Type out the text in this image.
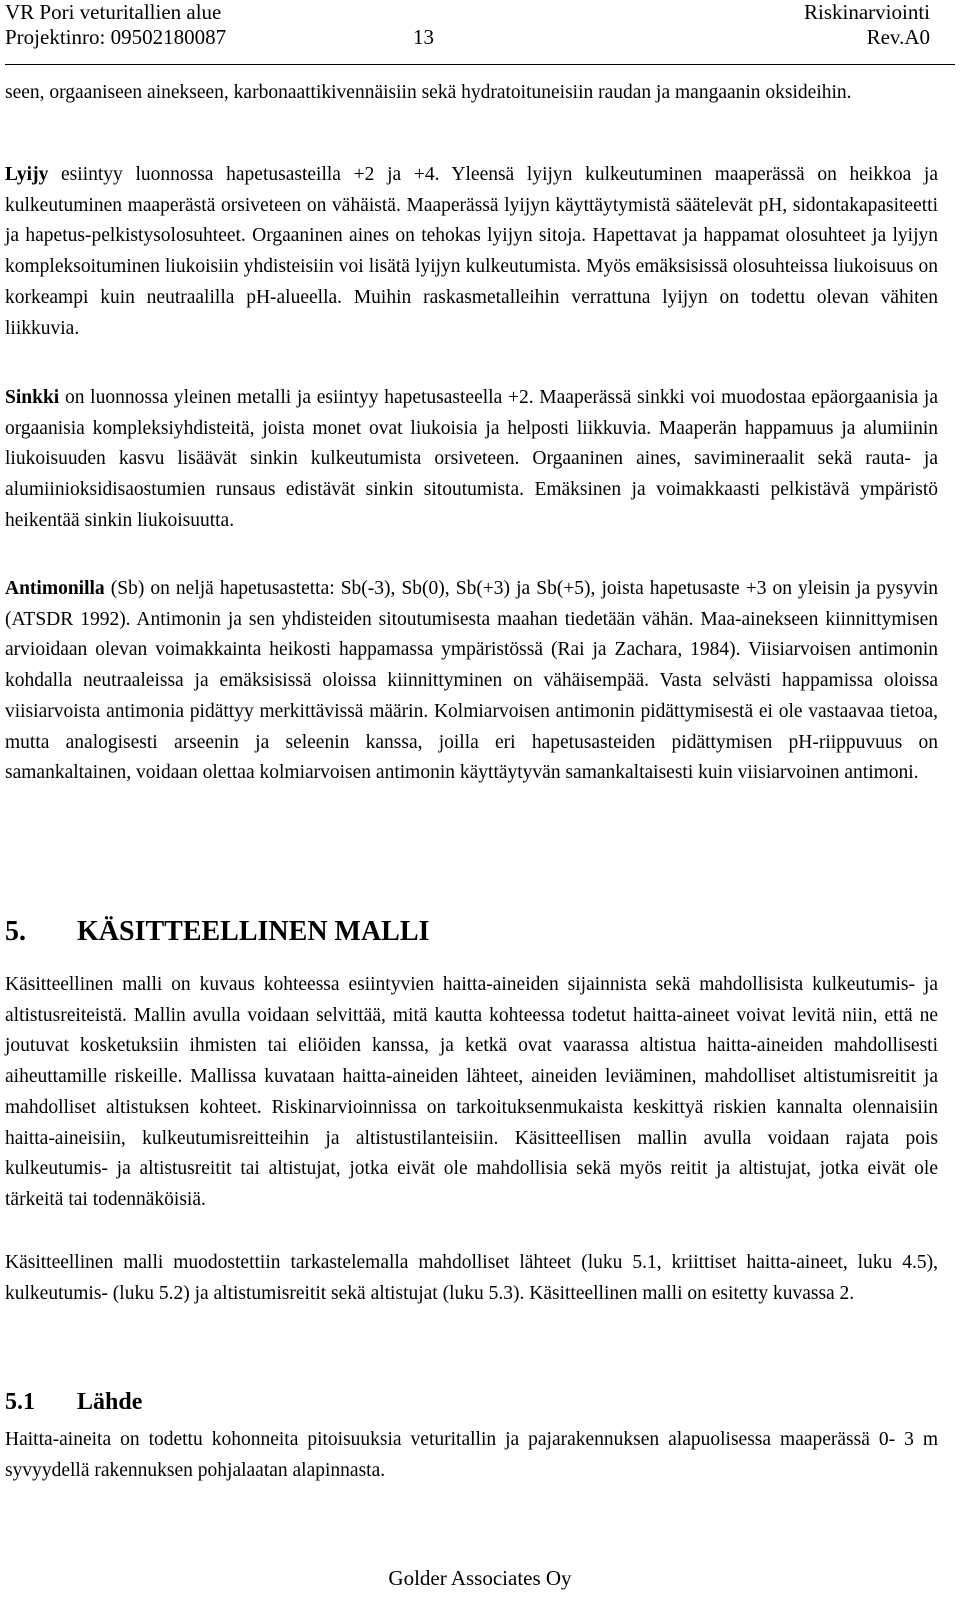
VR Pori veturitallien alue	Riskinarviointi
Projektinro: 09502180087	13	Rev.A0

seen, orgaaniseen ainekseen, karbonaattikivennäisiin sekä hydratoituneisiin raudan ja mangaanin oksideihin.

Lyijy esiintyy luonnossa hapetusasteilla +2 ja +4. Yleensä lyijyn kulkeutuminen maaperässä on heikkoa ja kulkeutuminen maaperästä orsiveteen on vähäistä. Maaperässä lyijyn käyttäytymistä säätelevät pH, sidontakapasiteetti ja hapetus-pelkistysolosuhteet. Orgaaninen aines on tehokas lyijyn sitoja. Hapettavat ja happamat olosuhteet ja lyijyn kompleksoituminen liukoisiin yhdisteisiin voi lisätä lyijyn kulkeutumista. Myös emäksisissä olosuhteissa liukoisuus on korkeampi kuin neutraalilla pH-alueella. Muihin raskasmetalleihin verrattuna lyijyn on todettu olevan vähiten liikkuvia.

Sinkki on luonnossa yleinen metalli ja esiintyy hapetusasteella +2. Maaperässä sinkki voi muodostaa epäorgaanisia ja orgaanisia kompleksiyhdisteitä, joista monet ovat liukoisia ja helposti liikkuvia. Maaperän happamuus ja alumiinin liukoisuuden kasvu lisäävät sinkin kulkeutumista orsiveteen. Orgaaninen aines, savimineraalit sekä rauta- ja alumiinioksidisaostumien runsaus edistävät sinkin sitoutumista. Emäksinen ja voimakkaasti pelkistävä ympäristö heikentää sinkin liukoisuutta.

Antimonilla (Sb) on neljä hapetusastetta: Sb(-3), Sb(0), Sb(+3) ja Sb(+5), joista hapetusaste +3 on yleisin ja pysyvin (ATSDR 1992). Antimonin ja sen yhdisteiden sitoutumisesta maahan tiedetään vähän. Maa-ainekseen kiinnittymisen arvioidaan olevan voimakkainta heikosti happamassa ympäristössä (Rai ja Zachara, 1984). Viisiarvoisen antimonin kohdalla neutraaleissa ja emäksisissä oloissa kiinnittyminen on vähäisempää. Vasta selvästi happamissa oloissa viisiarvoista antimonia pidättyy merkittävissä määrin. Kolmiarvoisen antimonin pidättymisestä ei ole vastaavaa tietoa, mutta analogisesti arseenin ja seleenin kanssa, joilla eri hapetusasteiden pidättymisen pH-riippuvuus on samankaltainen, voidaan olettaa kolmiarvoisen antimonin käyttäytyvän samankaltaisesti kuin viisiarvoinen antimoni.

5. KÄSITTEELLINEN MALLI

Käsitteellinen malli on kuvaus kohteessa esiintyvien haitta-aineiden sijainnista sekä mahdollisista kulkeutumis- ja altistusreiteistä. Mallin avulla voidaan selvittää, mitä kautta kohteessa todetut haitta-aineet voivat levitä niin, että ne joutuvat kosketuksiin ihmisten tai eliöiden kanssa, ja ketkä ovat vaarassa altistua haitta-aineiden mahdollisesti aiheuttamille riskeille. Mallissa kuvataan haitta-aineiden lähteet, aineiden leviäminen, mahdolliset altistumisreitit ja mahdolliset altistuksen kohteet. Riskinarvioinnissa on tarkoituksenmukaista keskittyä riskien kannalta olennaisiin haitta-aineisiin, kulkeutumisreitteihin ja altistustilanteisiin. Käsitteellisen mallin avulla voidaan rajata pois kulkeutumis- ja altistusreitit tai altistujat, jotka eivät ole mahdollisia sekä myös reitit ja altistujat, jotka eivät ole tärkeitä tai todennäköisiä.

Käsitteellinen malli muodostettiin tarkastelemalla mahdolliset lähteet (luku 5.1, kriittiset haitta-aineet, luku 4.5), kulkeutumis- (luku 5.2) ja altistumisreitit sekä altistujat (luku 5.3). Käsitteellinen malli on esitetty kuvassa 2.

5.1 Lähde

Haitta-aineita on todettu kohonneita pitoisuuksia veturitallin ja pajarakennuksen alapuolisessa maaperässä 0- 3 m syvyydellä rakennuksen pohjalaatan alapinnasta.

Golder Associates Oy
